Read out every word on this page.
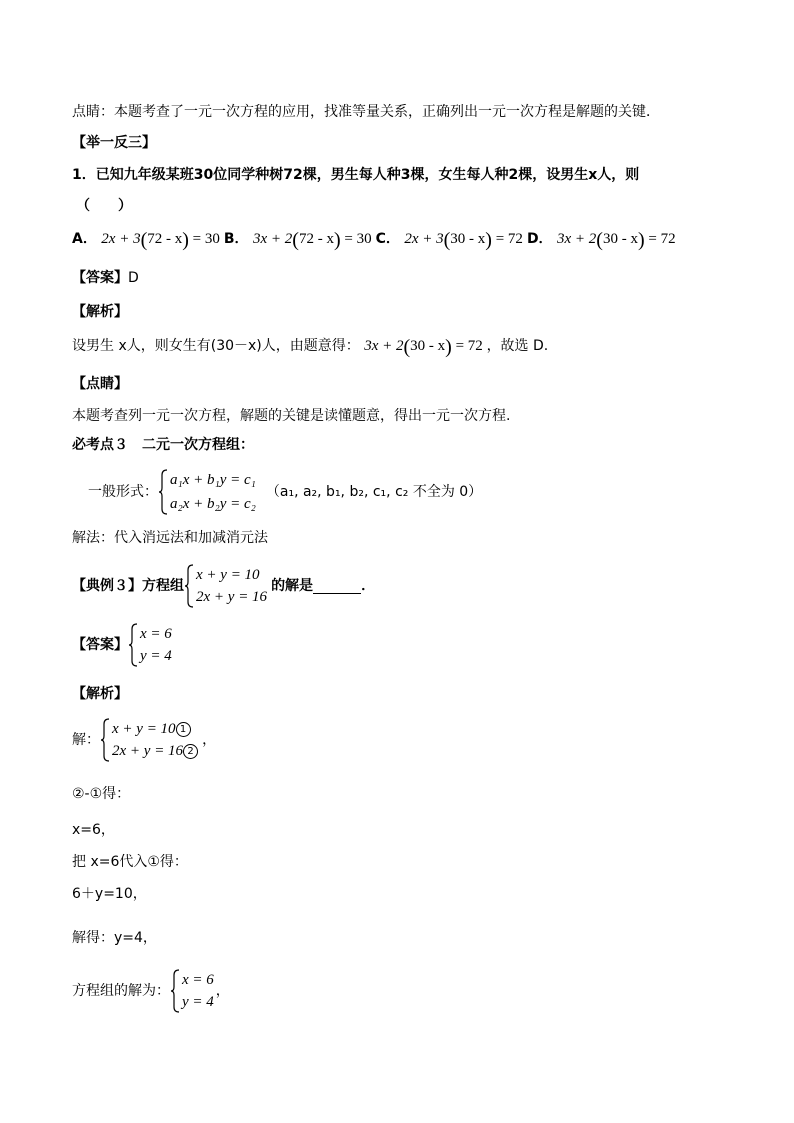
点睛：本题考查了一元一次方程的应用，找准等量关系，正确列出一元一次方程是解题的关键．
【举一反三】
1．已知九年级某班30位同学种树72棵，男生每人种3棵，女生每人种2棵，设男生x人，则
（　　）
A． 2x + 3(72 - x) = 30 B． 3x + 2(72 - x) = 30 C． 2x + 3(30 - x) = 72 D． 3x + 2(30 - x) = 72
【答案】D
【解析】
设男生 x人，则女生有(30－x)人，由题意得： 3x + 2(30 - x) = 72 ，故选 D.
【点睛】
本题考查列一元一次方程，解题的关键是读懂题意，得出一元一次方程.
必考点３　二元一次方程组：
一般形式：
a₁x + b₁y = c₁
a₂x + b₂y = c₂
（a₁, a₂, b₁, b₂, c₁, c₂ 不全为 0）
解法：代入消远法和加减消元法
【典例３】方程组
x + y = 10
2x + y = 16
的解是	．
【答案】
x = 6
y = 4
【解析】
解：
x + y = 10 1
2x + y = 16 2
，
②-①得：
x=6，
把 x=6代入①得：
6＋y=10，
解得：y=4，
方程组的解为：
x = 6
y = 4
，
